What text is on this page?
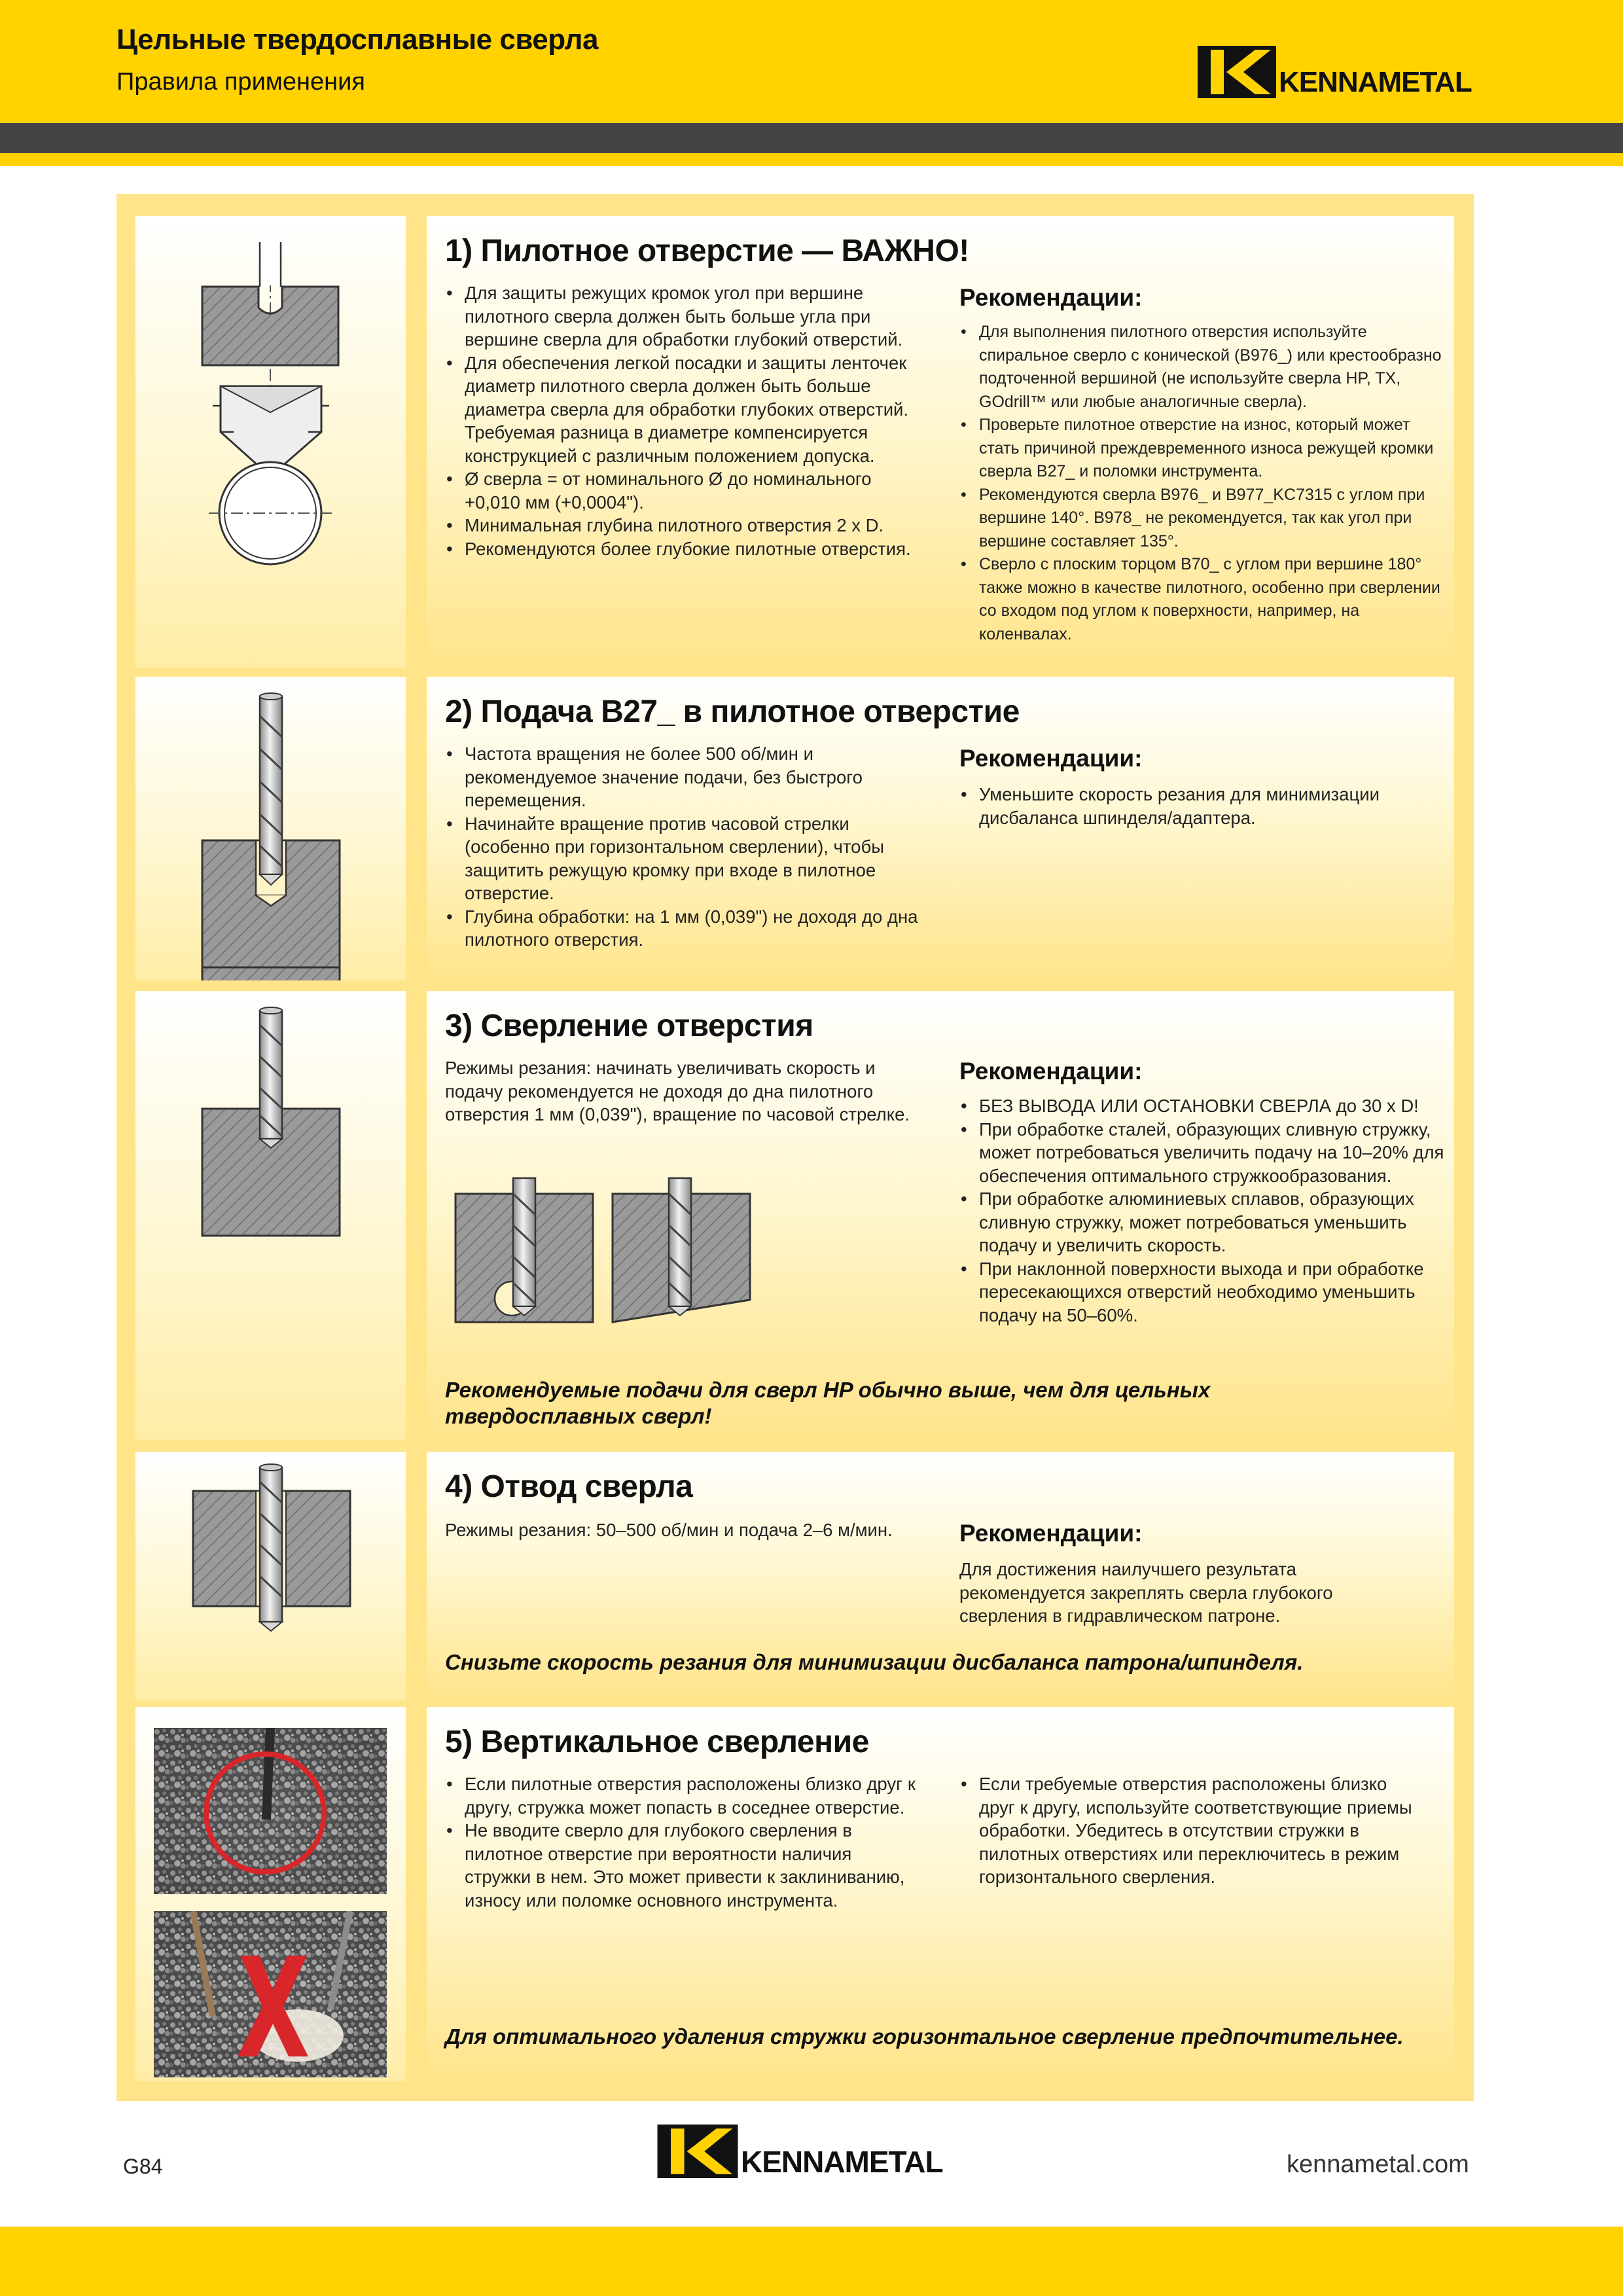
Цельные твердосплавные сверла
Правила применения	KENNAMETAL
1) Пилотное отверстие — ВАЖНО!
• Для защиты режущих кромок угол при вершине пилотного сверла должен быть больше угла при вершине сверла для обработки глубокий отверстий.
• Для обеспечения легкой посадки и защиты ленточек диаметр пилотного сверла должен быть больше диаметра сверла для обработки глубоких отверстий. Требуемая разница в диаметре компенсируется конструкцией с различным положением допуска.
• Ø сверла = от номинального Ø до номинального +0,010 мм (+0,0004").
• Минимальная глубина пилотного отверстия 2 x D.
• Рекомендуются более глубокие пилотные отверстия.
Рекомендации:
• Для выполнения пилотного отверстия используйте спиральное сверло с конической (B976_) или крестообразно подточенной вершиной (не используйте сверла HP, TX, GOdrill™ или любые аналогичные сверла).
• Проверьте пилотное отверстие на износ, который может стать причиной преждевременного износа режущей кромки сверла B27_ и поломки инструмента.
• Рекомендуются сверла B976_ и B977_KC7315 с углом при вершине 140°. B978_ не рекомендуется, так как угол при вершине составляет 135°.
• Сверло с плоским торцом B70_ с углом при вершине 180° также можно в качестве пилотного, особенно при сверлении со входом под углом к поверхности, например, на коленвалах.
2) Подача B27_ в пилотное отверстие
• Частота вращения не более 500 об/мин и рекомендуемое значение подачи, без быстрого перемещения.
• Начинайте вращение против часовой стрелки (особенно при горизонтальном сверлении), чтобы защитить режущую кромку при входе в пилотное отверстие.
• Глубина обработки: на 1 мм (0,039") не доходя до дна пилотного отверстия.
Рекомендации:
• Уменьшите скорость резания для минимизации дисбаланса шпинделя/адаптера.
3) Сверление отверстия
Режимы резания: начинать увеличивать скорость и подачу рекомендуется не доходя до дна пилотного отверстия 1 мм (0,039"), вращение по часовой стрелке.
Рекомендации:
• БЕЗ ВЫВОДА ИЛИ ОСТАНОВКИ СВЕРЛА до 30 x D!
• При обработке сталей, образующих сливную стружку, может потребоваться увеличить подачу на 10–20% для обеспечения оптимального стружкообразования.
• При обработке алюминиевых сплавов, образующих сливную стружку, может потребоваться уменьшить подачу и увеличить скорость.
• При наклонной поверхности выхода и при обработке пересекающихся отверстий необходимо уменьшить подачу на 50–60%.
Рекомендуемые подачи для сверл HP обычно выше, чем для цельных твердосплавных сверл!
4) Отвод сверла
Режимы резания: 50–500 об/мин и подача 2–6 м/мин.	Рекомендации:
Для достижения наилучшего результата рекомендуется закреплять сверла глубокого сверления в гидравлическом патроне.
Снизьте скорость резания для минимизации дисбаланса патрона/шпинделя.
5) Вертикальное сверление
• Если пилотные отверстия расположены близко друг к другу, стружка может попасть в соседнее отверстие.
• Не вводите сверло для глубокого сверления в пилотное отверстие при вероятности наличия стружки в нем. Это может привести к заклиниванию, износу или поломке основного инструмента.
• Если требуемые отверстия расположены близко друг к другу, используйте соответствующие приемы обработки. Убедитесь в отсутствии стружки в пилотных отверстиях или переключитесь в режим горизонтального сверления.
Для оптимального удаления стружки горизонтальное сверление предпочтительнее.
G84	KENNAMETAL	kennametal.com
